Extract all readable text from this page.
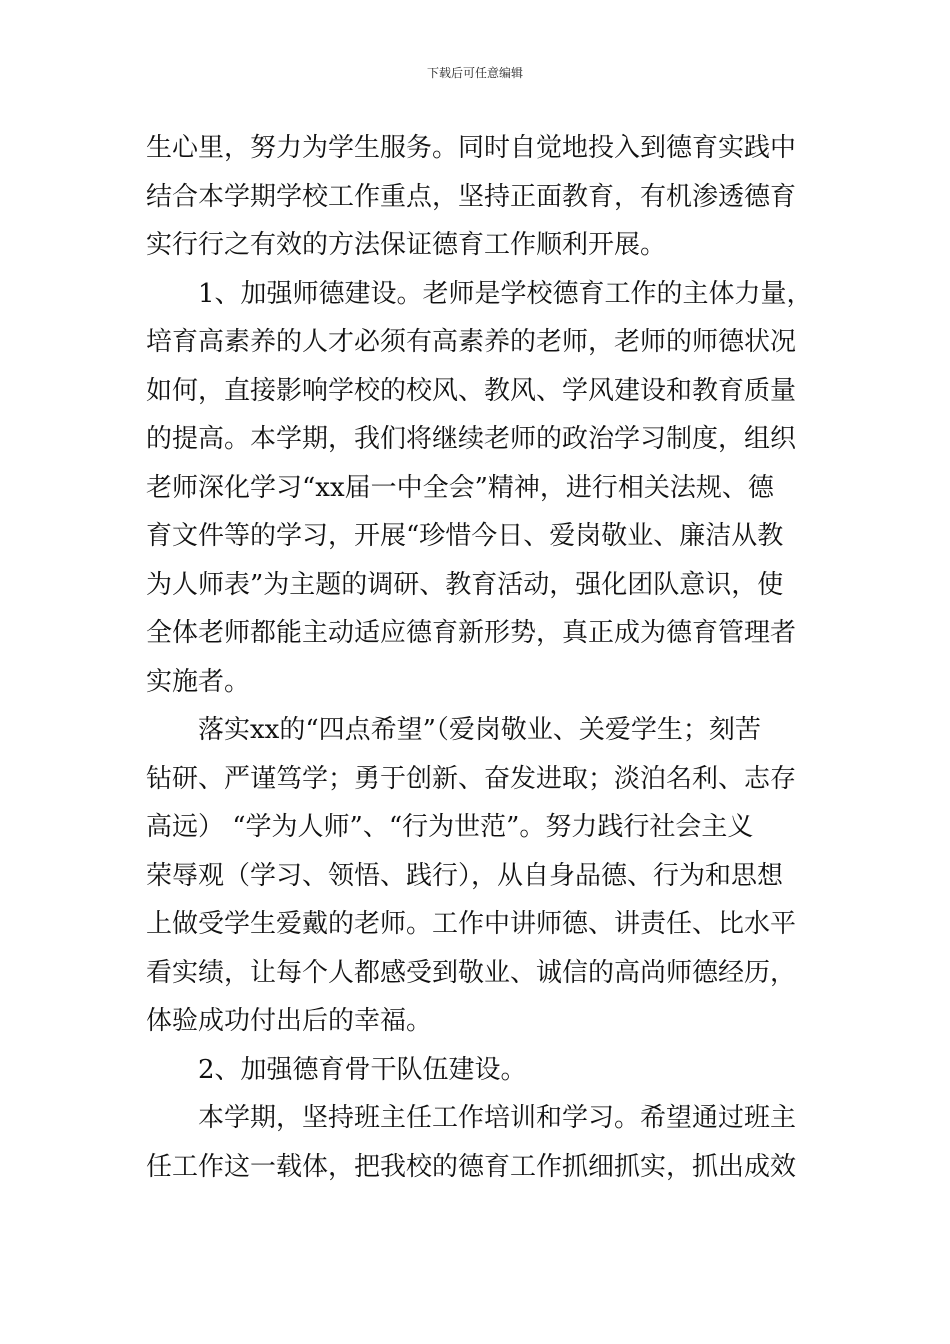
下载后可任意编辑
生心里，努力为学生服务。同时自觉地投入到德育实践中
结合本学期学校工作重点，坚持正面教育，有机渗透德育
实行行之有效的方法保证德育工作顺利开展。
1、加强师德建设。老师是学校德育工作的主体力量，
培育高素养的人才必须有高素养的老师，老师的师德状况
如何，直接影响学校的校风、教风、学风建设和教育质量
的提高。本学期，我们将继续老师的政治学习制度，组织
老师深化学习“xx届一中全会”精神，进行相关法规、德
育文件等的学习，开展“珍惜今日、爱岗敬业、廉洁从教
为人师表”为主题的调研、教育活动，强化团队意识，使
全体老师都能主动适应德育新形势，真正成为德育管理者
实施者。
落实xx的“四点希望”（爱岗敬业、关爱学生；刻苦
钻研、严谨笃学；勇于创新、奋发进取；淡泊名利、志存
高远） “学为人师”、“行为世范”。努力践行社会主义
荣辱观（学习、领悟、践行），从自身品德、行为和思想
上做受学生爱戴的老师。工作中讲师德、讲责任、比水平
看实绩，让每个人都感受到敬业、诚信的高尚师德经历，
体验成功付出后的幸福。
2、加强德育骨干队伍建设。
本学期，坚持班主任工作培训和学习。希望通过班主
任工作这一载体，把我校的德育工作抓细抓实，抓出成效
